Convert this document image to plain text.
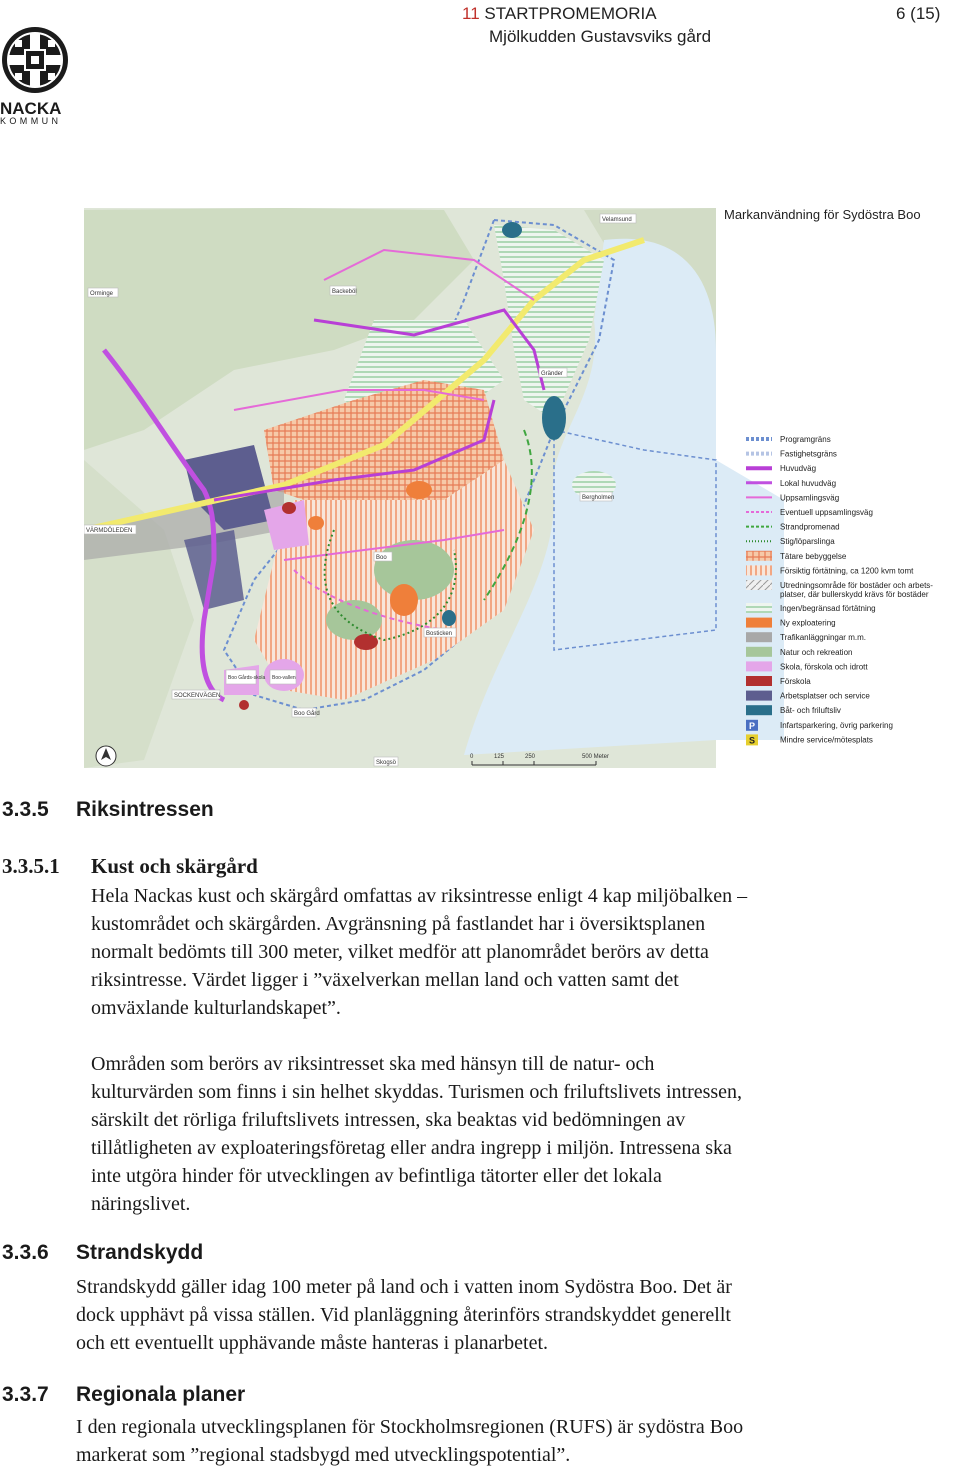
NACKA
KOMMUN
11 STARTPROMEMORIA	6 (15)
Mjölkudden Gustavsviks gård
Velamsund
Orminge	Backeböl
Gränder
Bergholmen
Boo
Bosticken
Boo Gård
Skogsö
VÄRMDÖLEDEN
SOCKENVÄGEN
Boo Gårds-skola Boo-vallen
0	125	250	500 Meter
Markanvändning för Sydöstra Boo
Programgräns
Fastighetsgräns
Huvudväg
Lokal huvudväg
Uppsamlingsväg
Eventuell uppsamlingsväg
Strandpromenad
Stig/löparslinga
Tätare bebyggelse
Försiktig förtätning, ca 1200 kvm tomt
Utredningsområde för bostäder och arbets-platser, där bullerskydd krävs för bostäder
Ingen/begränsad förtätning
Ny exploatering
Trafikanläggningar m.m.
Natur och rekreation
Skola, förskola och idrott
Förskola
Arbetsplatser och service
Båt- och friluftsliv
P	Infartsparkering, övrig parkering
S	Mindre service/mötesplats
3.3.5 Riksintressen
3.3.5.1 Kust och skärgård

Hela Nackas kust och skärgård omfattas av riksintresse enligt 4 kap miljöbalken –

kustområdet och skärgården. Avgränsning på fastlandet har i översiktsplanen

normalt bedömts till 300 meter, vilket medför att planområdet berörs av detta

riksintresse. Värdet ligger i ”växelverkan mellan land och vatten samt det

omväxlande kulturlandskapet”.

Områden som berörs av riksintresset ska med hänsyn till de natur- och

kulturvärden som finns i sin helhet skyddas. Turismen och friluftslivets intressen,

särskilt det rörliga friluftslivets intressen, ska beaktas vid bedömningen av

tillåtligheten av exploateringsföretag eller andra ingrepp i miljön. Intressena ska

inte utgöra hinder för utvecklingen av befintliga tätorter eller det lokala

näringslivet.

3.3.6 Strandskydd

Strandskydd gäller idag 100 meter på land och i vatten inom Sydöstra Boo. Det är

dock upphävt på vissa ställen. Vid planläggning återinförs strandskyddet generellt

och ett eventuellt upphävande måste hanteras i planarbetet.

3.3.7 Regionala planer

I den regionala utvecklingsplanen för Stockholmsregionen (RUFS) är sydöstra Boo

markerat som ”regional stadsbygd med utvecklingspotential”.
